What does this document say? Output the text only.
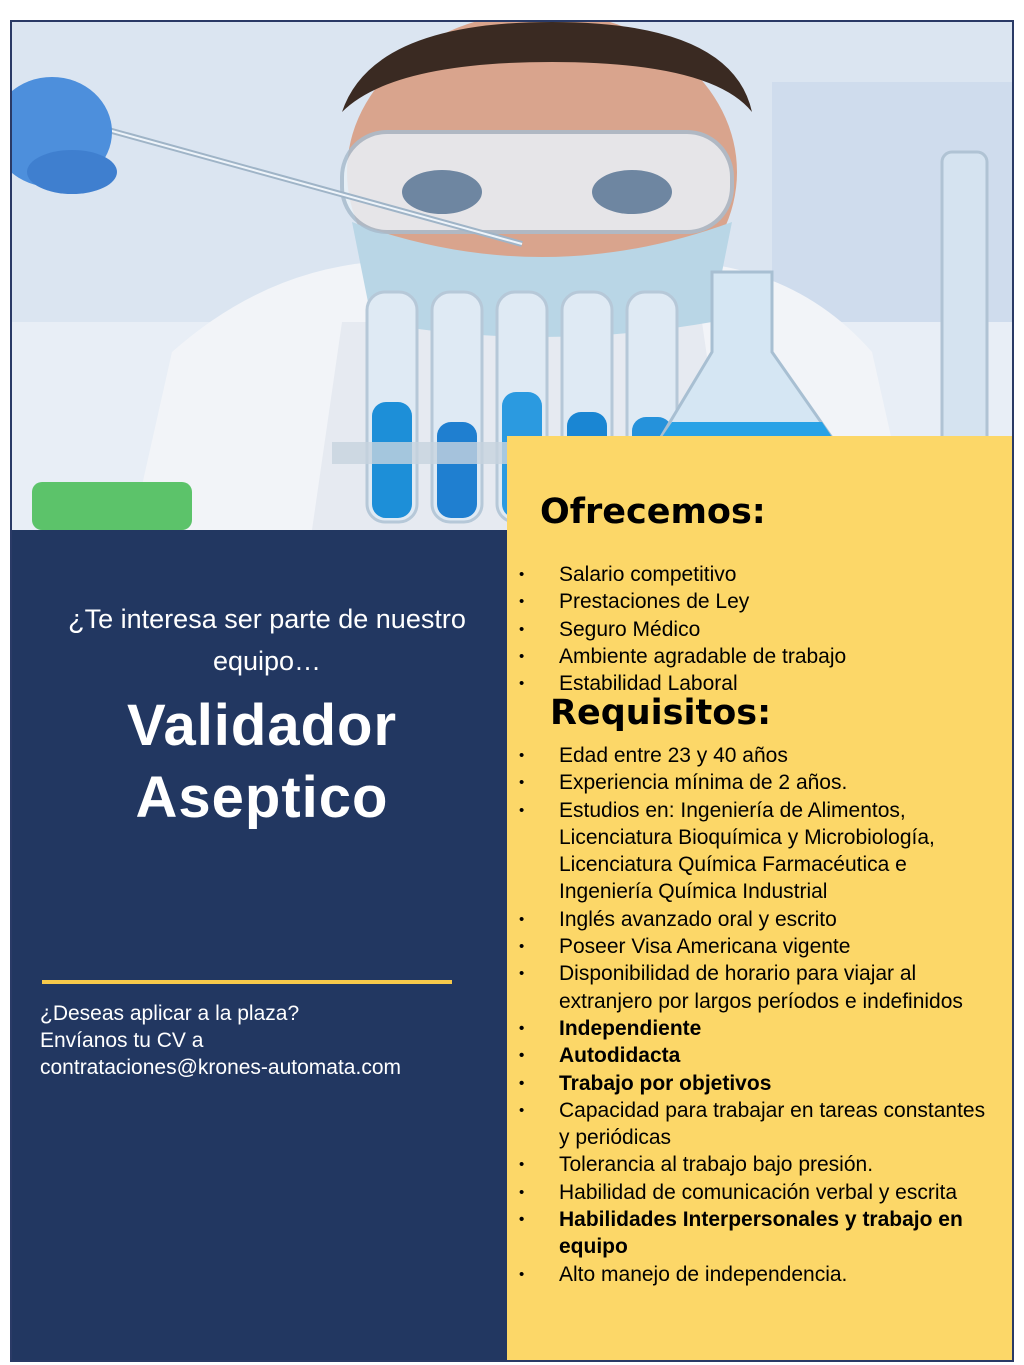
¿Te interesa ser parte de nuestro equipo…
Validador
Aseptico
¿Deseas aplicar a la plaza?
Envíanos tu CV a
contrataciones@krones-automata.com
Ofrecemos:
• Salario competitivo
• Prestaciones de Ley
• Seguro Médico
• Ambiente agradable de trabajo
• Estabilidad Laboral
Requisitos:
• Edad entre 23 y 40 años
• Experiencia mínima de 2 años.
• Estudios en: Ingeniería de Alimentos, Licenciatura Bioquímica y Microbiología, Licenciatura Química Farmacéutica e Ingeniería Química Industrial
• Inglés avanzado oral y escrito
• Poseer Visa Americana vigente
• Disponibilidad de horario para viajar al extranjero por largos períodos e indefinidos
• Independiente
• Autodidacta
• Trabajo por objetivos
• Capacidad para trabajar en tareas constantes y periódicas
• Tolerancia al trabajo bajo presión.
• Habilidad de comunicación verbal y escrita
• Habilidades Interpersonales y trabajo en equipo
• Alto manejo de independencia.
